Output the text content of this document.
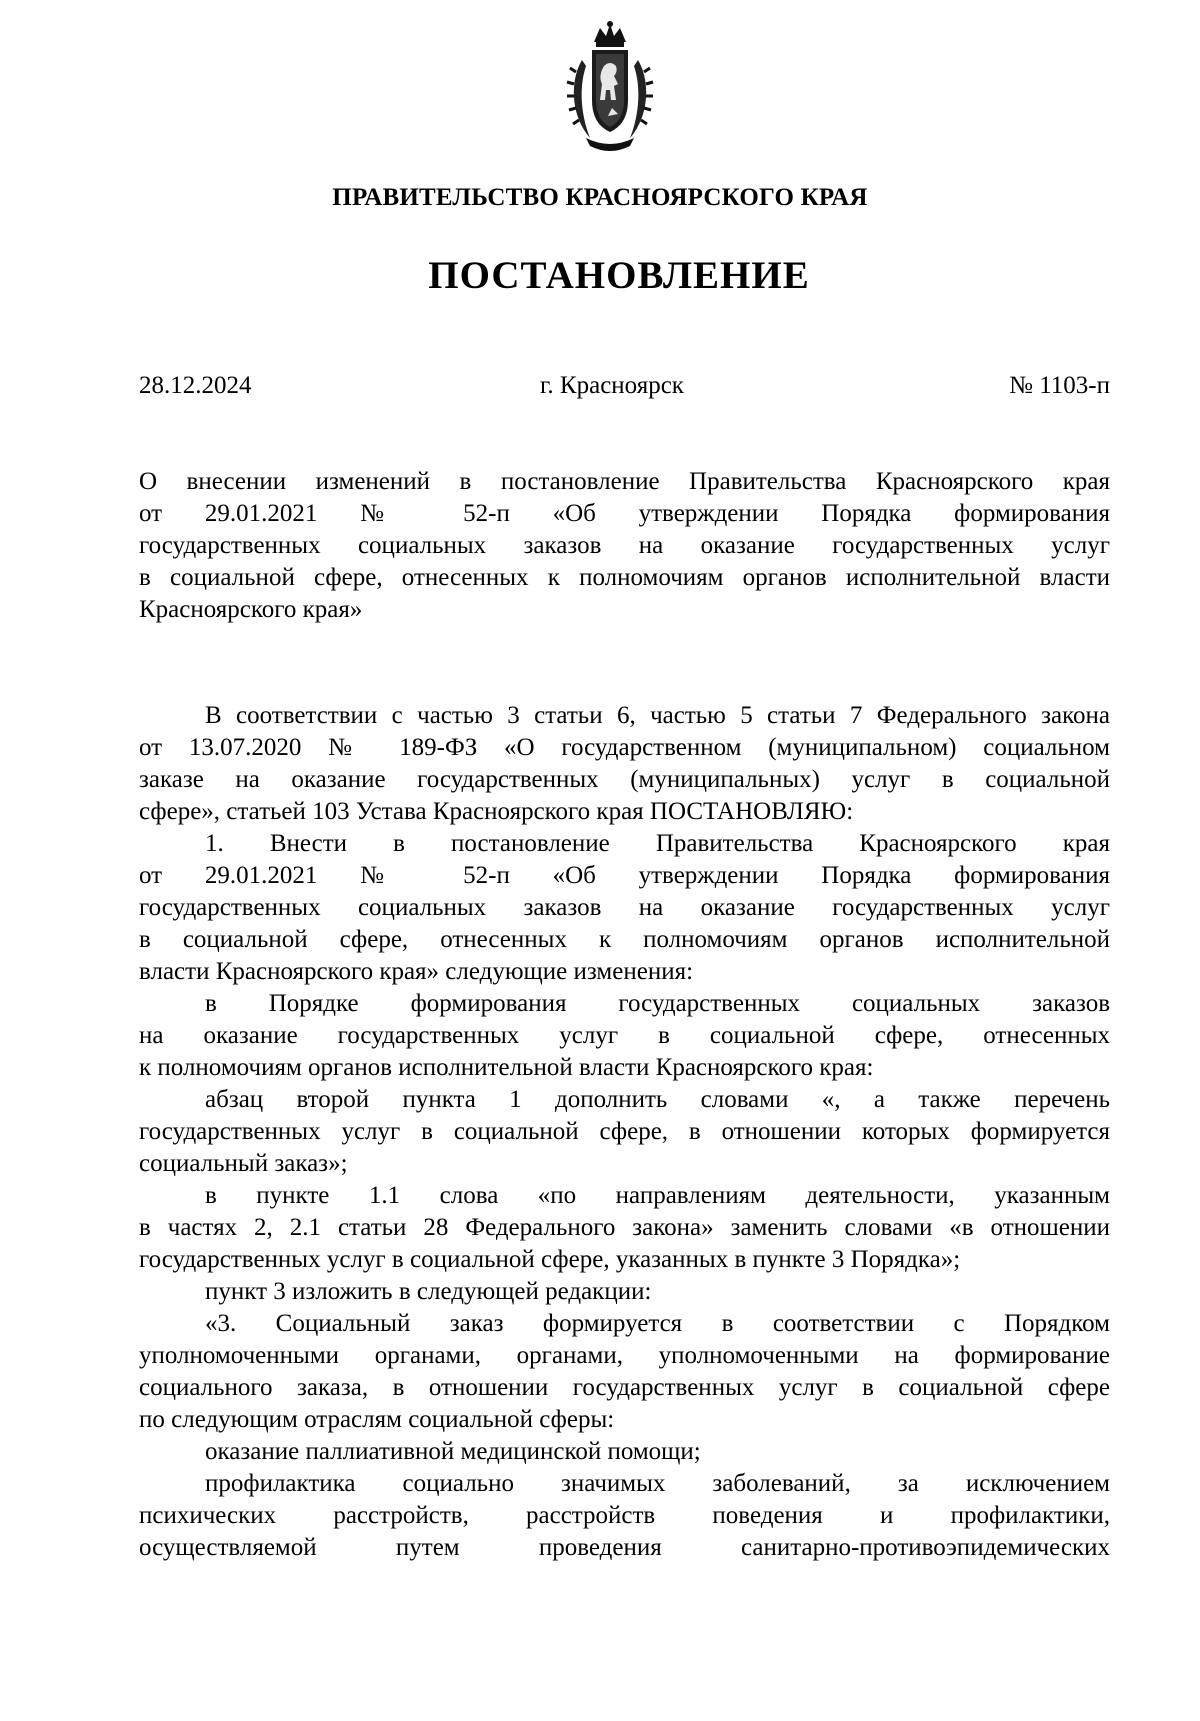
ПРАВИТЕЛЬСТВО КРАСНОЯРСКОГО КРАЯ
ПОСТАНОВЛЕНИЕ
28.12.2024	г. Красноярск	№ 1103-п
О внесении изменений в постановление Правительства Красноярского края
от 29.01.2021 № 52-п «Об утверждении Порядка формирования
государственных социальных заказов на оказание государственных услуг
в социальной сфере, отнесенных к полномочиям органов исполнительной власти
Красноярского края»
В соответствии с частью 3 статьи 6, частью 5 статьи 7 Федерального закона
от 13.07.2020 № 189-ФЗ «О государственном (муниципальном) социальном
заказе на оказание государственных (муниципальных) услуг в социальной
сфере», статьей 103 Устава Красноярского края ПОСТАНОВЛЯЮ:
1. Внести в постановление Правительства Красноярского края
от 29.01.2021 № 52-п «Об утверждении Порядка формирования
государственных социальных заказов на оказание государственных услуг
в социальной сфере, отнесенных к полномочиям органов исполнительной
власти Красноярского края» следующие изменения:
в Порядке формирования государственных социальных заказов
на оказание государственных услуг в социальной сфере, отнесенных
к полномочиям органов исполнительной власти Красноярского края:
абзац второй пункта 1 дополнить словами «, а также перечень
государственных услуг в социальной сфере, в отношении которых формируется
социальный заказ»;
в пункте 1.1 слова «по направлениям деятельности, указанным
в частях 2, 2.1 статьи 28 Федерального закона» заменить словами «в отношении
государственных услуг в социальной сфере, указанных в пункте 3 Порядка»;
пункт 3 изложить в следующей редакции:
«3. Социальный заказ формируется в соответствии с Порядком
уполномоченными органами, органами, уполномоченными на формирование
социального заказа, в отношении государственных услуг в социальной сфере
по следующим отраслям социальной сферы:
оказание паллиативной медицинской помощи;
профилактика социально значимых заболеваний, за исключением
психических расстройств, расстройств поведения и профилактики,
осуществляемой путем проведения санитарно-противоэпидемических
